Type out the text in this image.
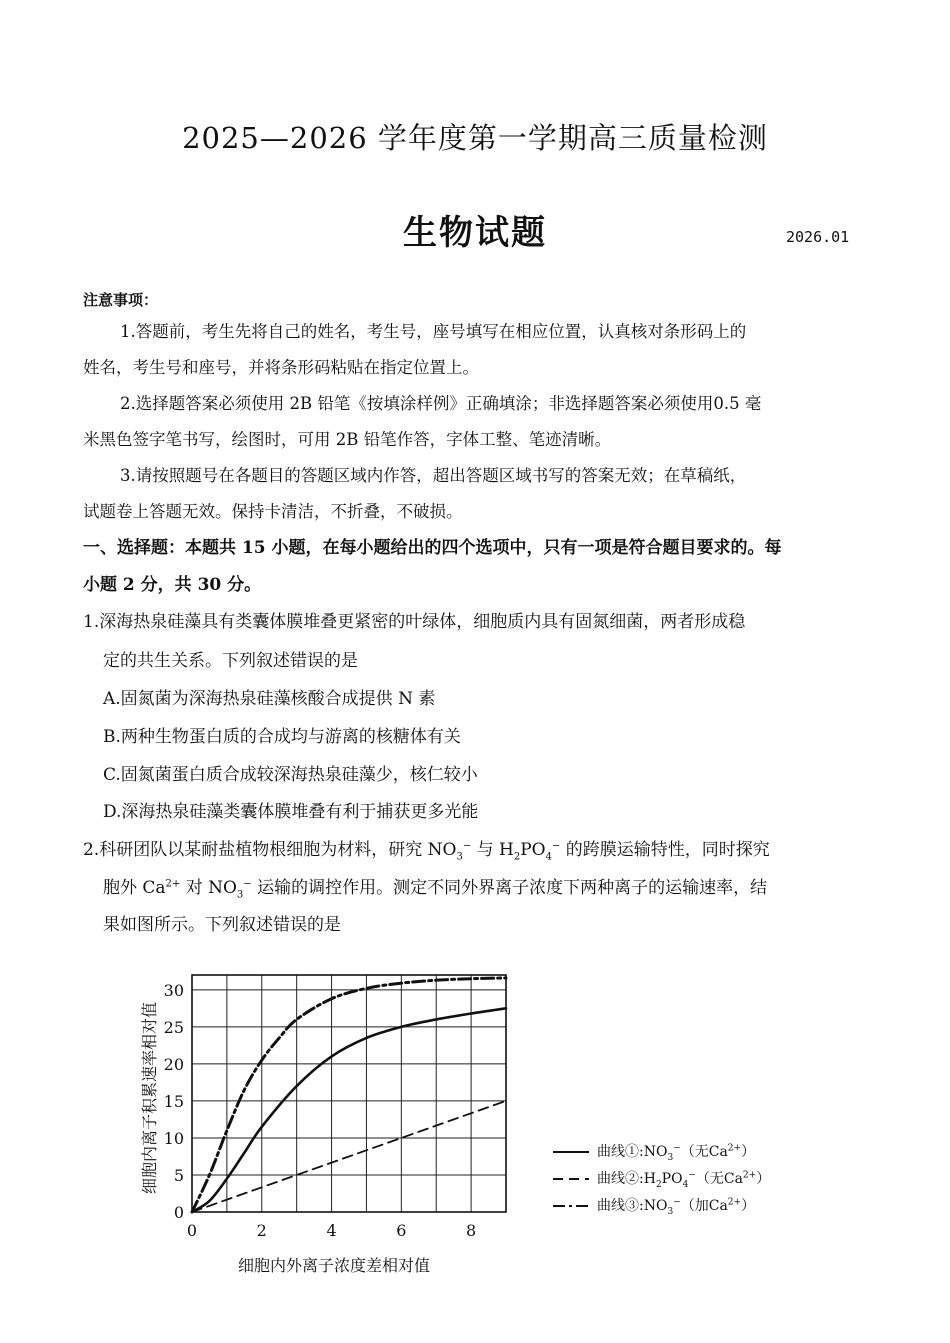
2025—2026 学年度第一学期高三质量检测
生物试题	2026.01
注意事项：
1.答题前，考生先将自己的姓名，考生号，座号填写在相应位置，认真核对条形码上的
姓名，考生号和座号，并将条形码粘贴在指定位置上。
2.选择题答案必须使用 2B 铅笔《按填涂样例》正确填涂；非选择题答案必须使用0.5 毫
米黑色签字笔书写，绘图时，可用 2B 铅笔作答，字体工整、笔迹清晰。
3.请按照题号在各题目的答题区域内作答，超出答题区域书写的答案无效；在草稿纸，
试题卷上答题无效。保持卡清洁，不折叠，不破损。
一、选择题：本题共 15 小题，在每小题给出的四个选项中，只有一项是符合题目要求的。每
小题 2 分，共 30 分。
1.深海热泉硅藻具有类囊体膜堆叠更紧密的叶绿体，细胞质内具有固氮细菌，两者形成稳
定的共生关系。下列叙述错误的是
A.固氮菌为深海热泉硅藻核酸合成提供 N 素
B.两种生物蛋白质的合成均与游离的核糖体有关
C.固氮菌蛋白质合成较深海热泉硅藻少，核仁较小
D.深海热泉硅藻类囊体膜堆叠有利于捕获更多光能
2.科研团队以某耐盐植物根细胞为材料，研究 $NO_3^-$ 与 $H_2PO_4^-$ 的跨膜运输特性，同时探究
胞外 $Ca^{2+}$ 对 $NO_3^-$ 运输的调控作用。测定不同外界离子浓度下两种离子的运输速率，结
果如图所示。下列叙述错误的是
0	2	4	6	8
0
5
10
15
20
25
30
细胞内外离子浓度差相对值
细胞内离子积累速率相对值	曲线$①:NO_3^-$（无$Ca^{2+}$）
曲线$②:H_2PO_4^-$（无$Ca^{2+}$）
曲线$③:NO_3^-$（加$Ca^{2+}$）
